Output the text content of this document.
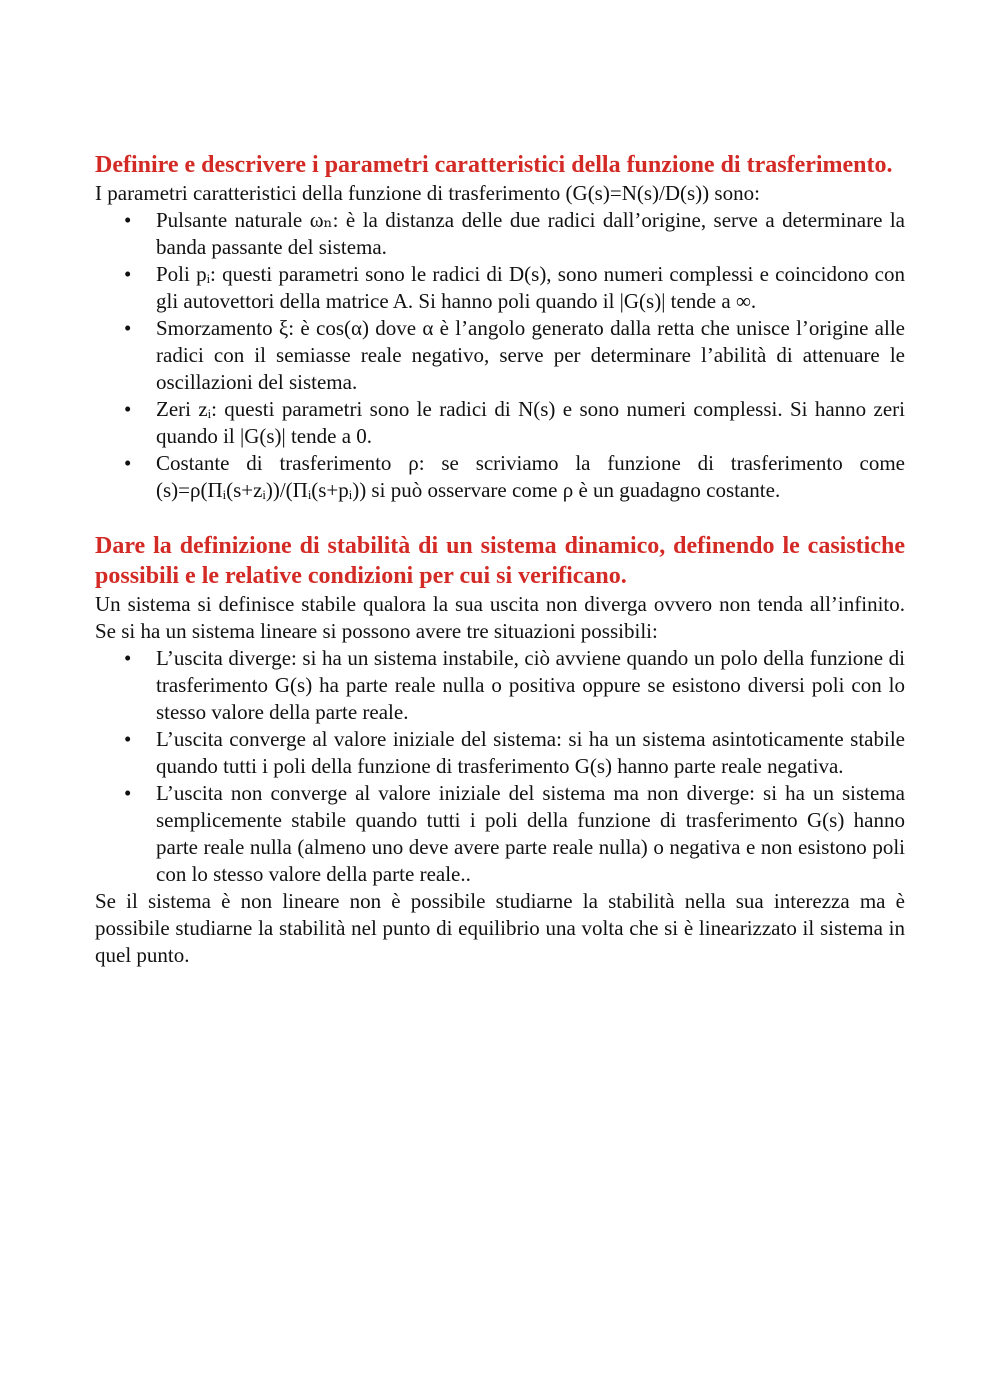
Definire e descrivere i parametri caratteristici della funzione di trasferimento.

I parametri caratteristici della funzione di trasferimento (G(s)=N(s)/D(s)) sono:

• Pulsante naturale ωₙ: è la distanza delle due radici dall’origine, serve a determinare la banda passante del sistema.
• Poli pᵢ: questi parametri sono le radici di D(s), sono numeri complessi e coincidono con gli autovettori della matrice A. Si hanno poli quando il |G(s)| tende a ∞.
• Smorzamento ξ: è cos(α) dove α è l’angolo generato dalla retta che unisce l’origine alle radici con il semiasse reale negativo, serve per determinare l’abilità di attenuare le oscillazioni del sistema.
• Zeri zᵢ: questi parametri sono le radici di N(s) e sono numeri complessi. Si hanno zeri quando il |G(s)| tende a 0.
• Costante di trasferimento ρ: se scriviamo la funzione di trasferimento come (s)=ρ(Πᵢ(s+zᵢ))/(Πᵢ(s+pᵢ)) si può osservare come ρ è un guadagno costante.
Dare la definizione di stabilità di un sistema dinamico, definendo le casistiche possibili e le relative condizioni per cui si verificano.

Un sistema si definisce stabile qualora la sua uscita non diverga ovvero non tenda all’infinito. Se si ha un sistema lineare si possono avere tre situazioni possibili:

• L’uscita diverge: si ha un sistema instabile, ciò avviene quando un polo della funzione di trasferimento G(s) ha parte reale nulla o positiva oppure se esistono diversi poli con lo stesso valore della parte reale.
• L’uscita converge al valore iniziale del sistema: si ha un sistema asintoticamente stabile quando tutti i poli della funzione di trasferimento G(s) hanno parte reale negativa.
• L’uscita non converge al valore iniziale del sistema ma non diverge: si ha un sistema semplicemente stabile quando tutti i poli della funzione di trasferimento G(s) hanno parte reale nulla (almeno uno deve avere parte reale nulla) o negativa e non esistono poli con lo stesso valore della parte reale..

Se il sistema è non lineare non è possibile studiarne la stabilità nella sua interezza ma è possibile studiarne la stabilità nel punto di equilibrio una volta che si è linearizzato il sistema in quel punto.
